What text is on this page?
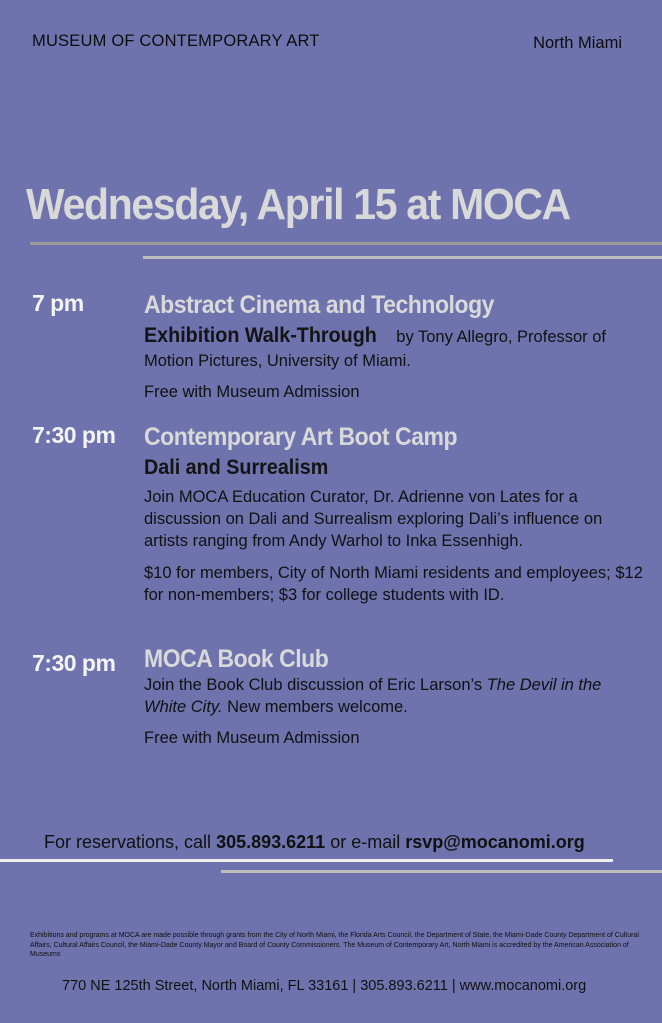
MUSEUM OF CONTEMPORARY ART	North Miami
Wednesday, April 15 at MOCA
7 pm Abstract Cinema and Technology
Exhibition Walk-Through by Tony Allegro, Professor of Motion Pictures, University of Miami.
Free with Museum Admission
7:30 pm Contemporary Art Boot Camp
Dali and Surrealism
Join MOCA Education Curator, Dr. Adrienne von Lates for a discussion on Dali and Surrealism exploring Dali’s influence on artists ranging from Andy Warhol to Inka Essenhigh.
$10 for members, City of North Miami residents and employees; $12 for non-members; $3 for college students with ID.
7:30 pm MOCA Book Club
Join the Book Club discussion of Eric Larson’s The Devil in the White City. New members welcome.
Free with Museum Admission
For reservations, call 305.893.6211 or e-mail rsvp@mocanomi.org
Exhibitions and programs at MOCA are made possible through grants from the City of North Miami, the Florida Arts Council, the Department of State, the Miami-Dade County Department of Cultural Affairs, Cultural Affairs Council, the Miami-Dade County Mayor and Board of County Commissioners. The Museum of Contemporary Art, North Miami is accredited by the American Association of Museums
770 NE 125th Street, North Miami, FL 33161 | 305.893.6211 | www.mocanomi.org
